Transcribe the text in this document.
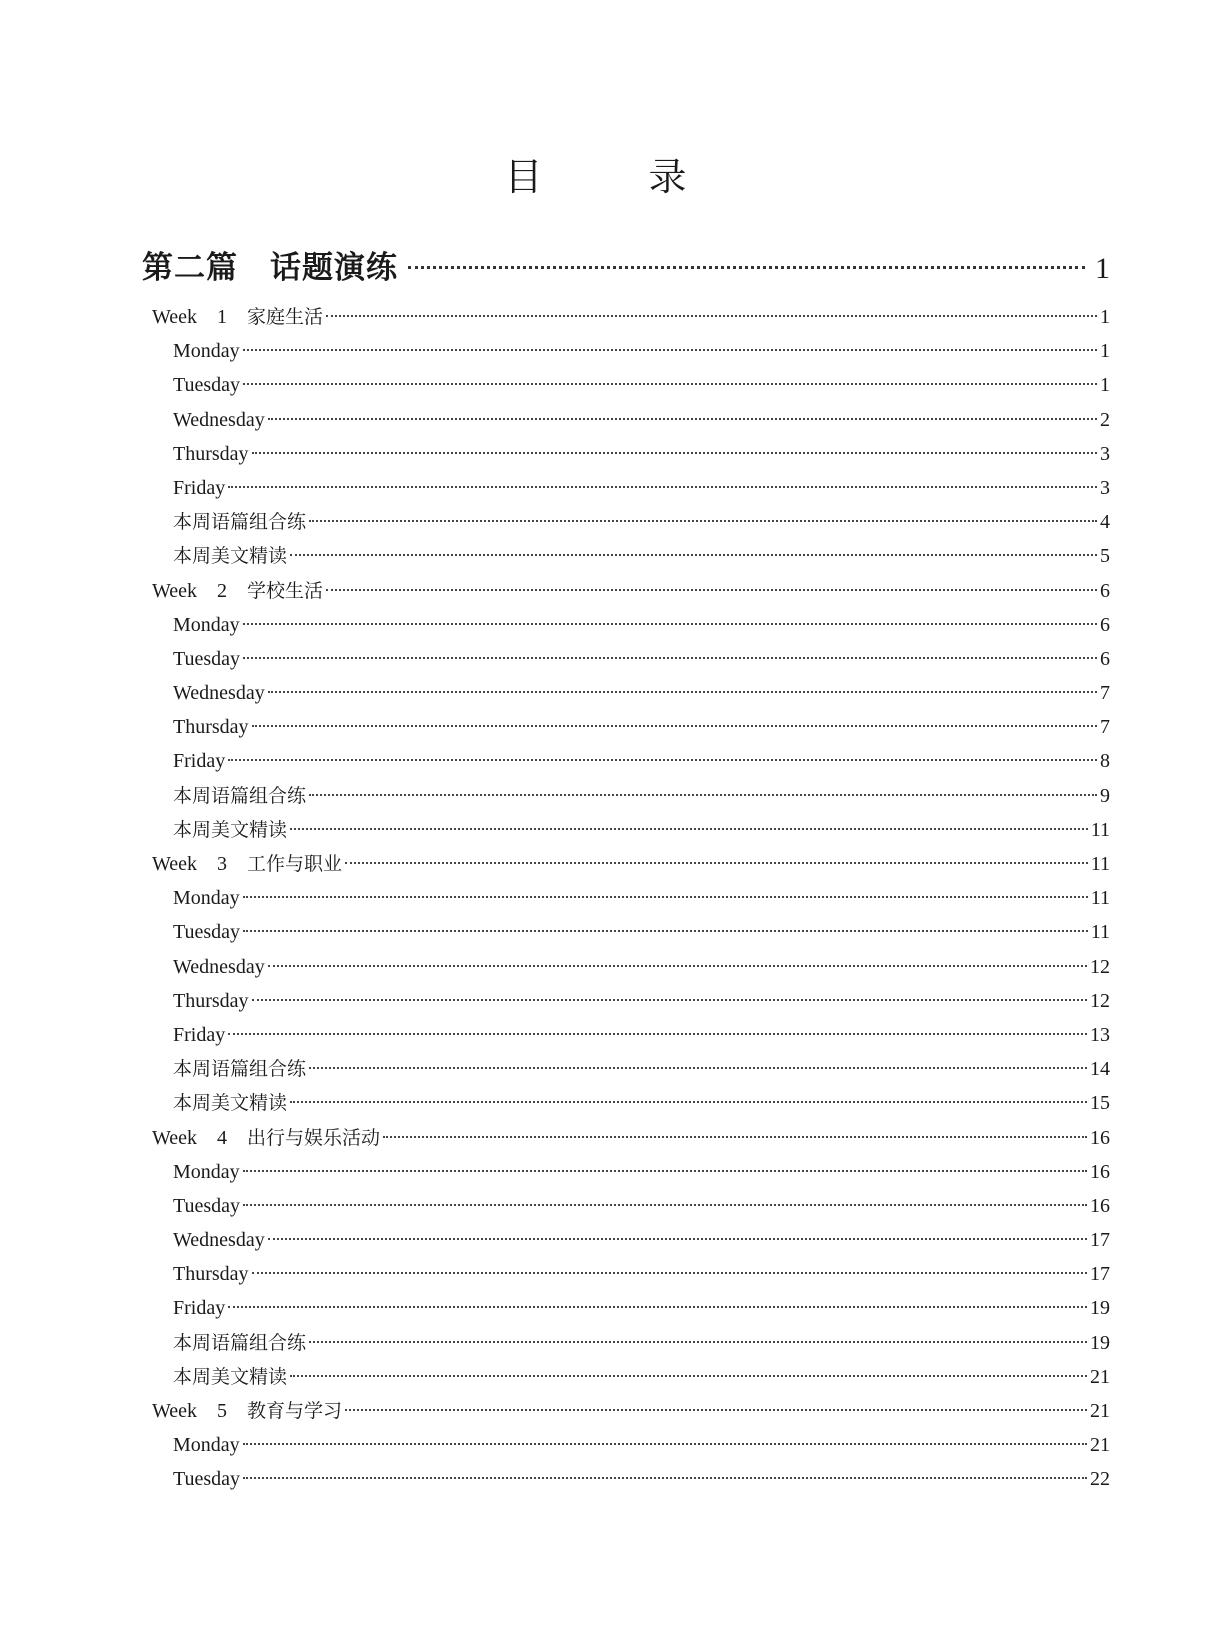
目　录
第二篇　话题演练	1
Week　1　家庭生活	1
Monday	1
Tuesday	1
Wednesday	2
Thursday	3
Friday	3
本周语篇组合练	4
本周美文精读	5
Week　2　学校生活	6
Monday	6
Tuesday	6
Wednesday	7
Thursday	7
Friday	8
本周语篇组合练	9
本周美文精读	11
Week　3　工作与职业	11
Monday	11
Tuesday	11
Wednesday	12
Thursday	12
Friday	13
本周语篇组合练	14
本周美文精读	15
Week　4　出行与娱乐活动	16
Monday	16
Tuesday	16
Wednesday	17
Thursday	17
Friday	19
本周语篇组合练	19
本周美文精读	21
Week　5　教育与学习	21
Monday	21
Tuesday	22
